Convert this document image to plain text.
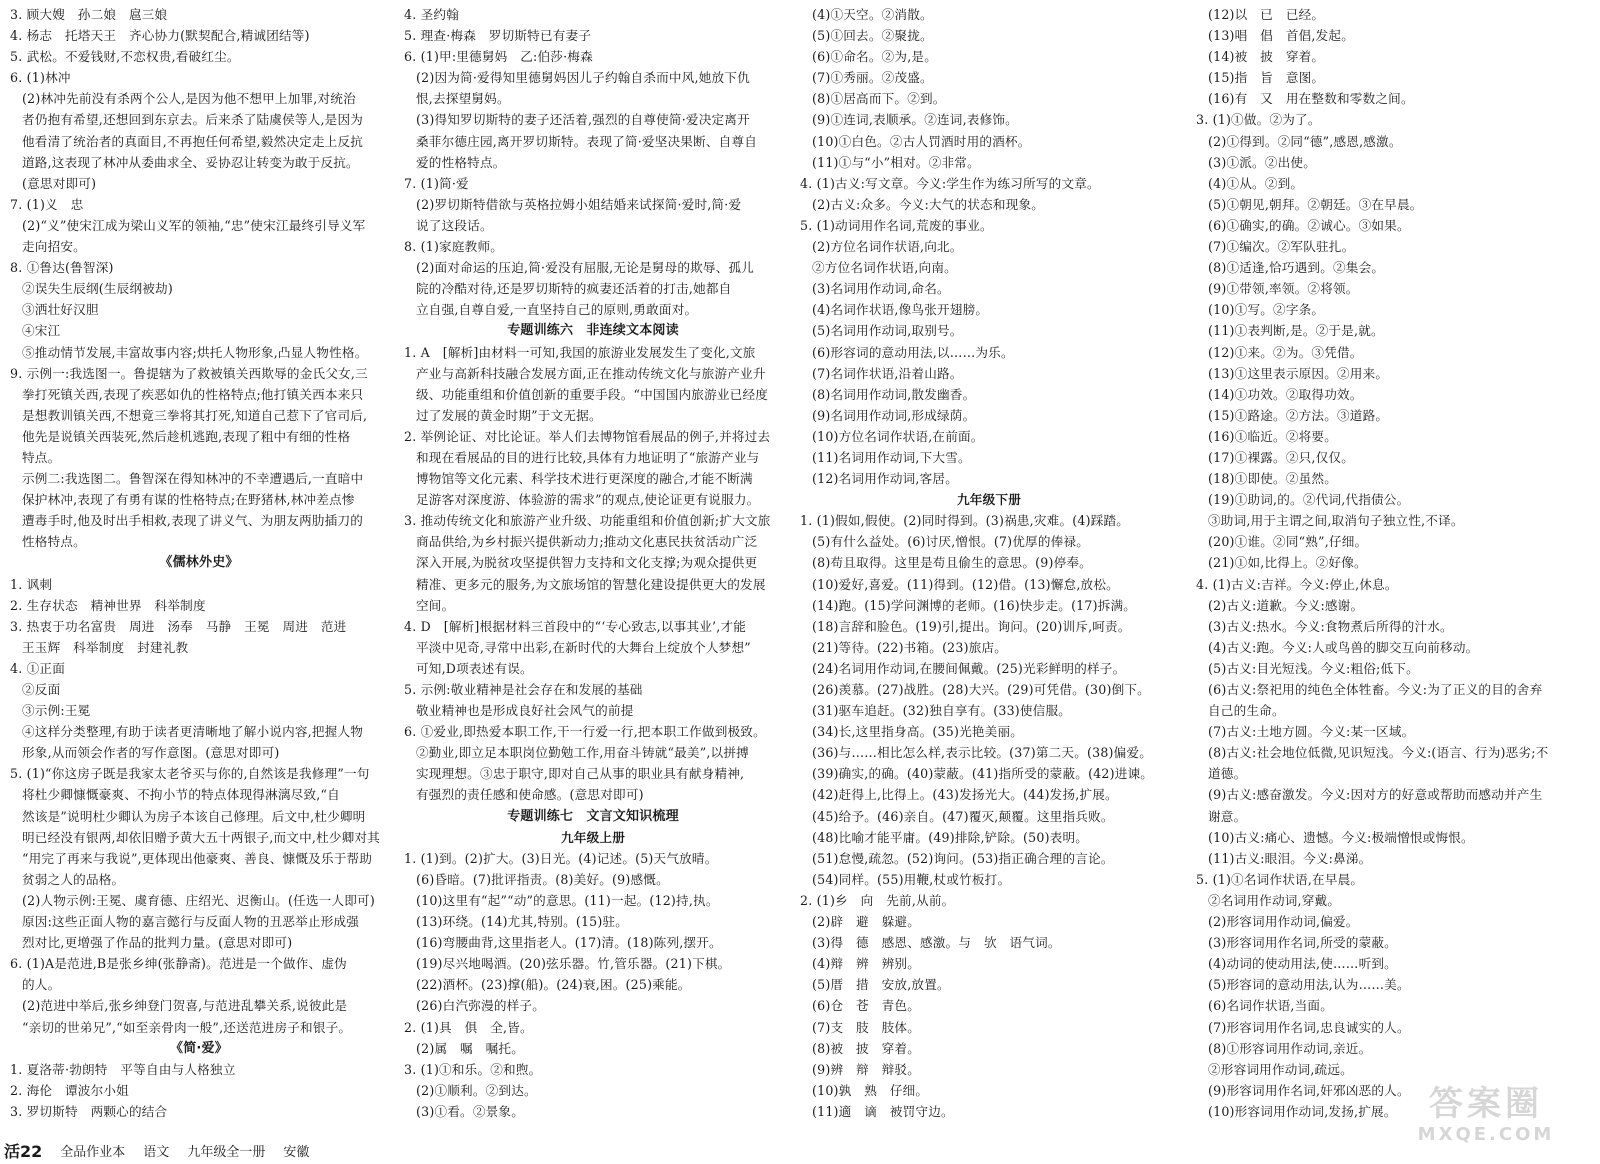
3. 顾大嫂　孙二娘　扈三娘
4. 杨志　托塔天王　齐心协力(默契配合,精诚团结等)
5. 武松。不爱钱财,不恋权贵,看破红尘。
6. (1)林冲
(2)林冲先前没有杀两个公人,是因为他不想甲上加罪,对统治
者仍抱有希望,还想回到东京去。后来杀了陆虞侯等人,是因为
他看清了统治者的真面目,不再抱任何希望,毅然决定走上反抗
道路,这表现了林冲从委曲求全、妥协忍让转变为敢于反抗。
(意思对即可)
7. (1)义　忠
(2)“义”使宋江成为梁山义军的领袖,“忠”使宋江最终引导义军
走向招安。
8. ①鲁达(鲁智深)
②误失生辰纲(生辰纲被劫)
③洒壮好汉胆
④宋江
⑤推动情节发展,丰富故事内容;烘托人物形象,凸显人物性格。
9. 示例一:我选图一。鲁提辖为了救被镇关西欺辱的金氏父女,三
拳打死镇关西,表现了疾恶如仇的性格特点;他打镇关西本来只
是想教训镇关西,不想竟三拳将其打死,知道自己惹下了官司后,
他先是说镇关西装死,然后趁机逃跑,表现了粗中有细的性格
特点。
示例二:我选图二。鲁智深在得知林冲的不幸遭遇后,一直暗中
保护林冲,表现了有勇有谋的性格特点;在野猪林,林冲差点惨
遭毒手时,他及时出手相救,表现了讲义气、为朋友两肋插刀的
性格特点。
《儒林外史》
1. 讽刺
2. 生存状态　精神世界　科举制度
3. 热衷于功名富贵　周进　汤奉　马静　王冕　周进　范进
王玉辉　科举制度　封建礼教
4. ①正面
②反面
③示例:王冕
④这样分类整理,有助于读者更清晰地了解小说内容,把握人物
形象,从而领会作者的写作意图。(意思对即可)
5. (1)“你这房子既是我家太老爷买与你的,自然该是我修理”一句
将杜少卿慷慨豪爽、不拘小节的特点体现得淋漓尽致,“自
然该是”说明杜少卿认为房子本该自己修理。后文中,杜少卿明
明已经没有银两,却依旧赠予黄大五十两银子,而文中,杜少卿对其
“用完了再来与我说”,更体现出他豪爽、善良、慷慨及乐于帮助
贫弱之人的品格。
(2)人物示例:王冕、虞育德、庄绍光、迟衡山。(任选一人即可)
原因:这些正面人物的嘉言懿行与反面人物的丑恶举止形成强
烈对比,更增强了作品的批判力量。(意思对即可)
6. (1)A是范进,B是张乡绅(张静斋)。范进是一个做作、虚伪
的人。
(2)范进中举后,张乡绅登门贺喜,与范进乱攀关系,说彼此是
“亲切的世弟兄”,“如至亲骨肉一般”,还送范进房子和银子。
《简·爱》
1. 夏洛蒂·勃朗特　平等自由与人格独立
2. 海伦　谭波尔小姐
3. 罗切斯特　两颗心的结合
4. 圣约翰
5. 理查·梅森　罗切斯特已有妻子
6. (1)甲:里德舅妈　乙:伯莎·梅森
(2)因为简·爱得知里德舅妈因儿子约翰自杀而中风,她放下仇
恨,去探望舅妈。
(3)得知罗切斯特的妻子还活着,强烈的自尊使简·爱决定离开
桑菲尔德庄园,离开罗切斯特。表现了简·爱坚决果断、自尊自
爱的性格特点。
7. (1)简·爱
(2)罗切斯特借欲与英格拉姆小姐结婚来试探简·爱时,简·爱
说了这段话。
8. (1)家庭教师。
(2)面对命运的压迫,简·爱没有屈服,无论是舅母的欺辱、孤儿
院的冷酷对待,还是罗切斯特的疯妻还活着的打击,她都自
立自强,自尊自爱,一直坚持自己的原则,勇敢面对。
专题训练六　非连续文本阅读
1. A　[解析]由材料一可知,我国的旅游业发展发生了变化,文旅
产业与高新科技融合发展方面,正在推动传统文化与旅游产业升
级、功能重组和价值创新的重要手段。“中国国内旅游业已经度
过了发展的黄金时期”于文无据。
2. 举例论证、对比论证。举人们去博物馆看展品的例子,并将过去
和现在看展品的目的进行比较,具体有力地证明了“旅游产业与
博物馆等文化元素、科学技术进行更深度的融合,才能不断满
足游客对深度游、体验游的需求”的观点,使论证更有说服力。
3. 推动传统文化和旅游产业升级、功能重组和价值创新;扩大文旅
商品供给,为乡村振兴提供新动力;推动文化惠民扶贫活动广泛
深入开展,为脱贫攻坚提供智力支持和文化支撑;为观众提供更
精准、更多元的服务,为文旅场馆的智慧化建设提供更大的发展
空间。
4. D　[解析]根据材料三首段中的“‘专心致志,以事其业’,才能
平淡中见奇,寻常中出彩,在新时代的大舞台上绽放个人梦想”
可知,D项表述有误。
5. 示例:敬业精神是社会存在和发展的基础
敬业精神也是形成良好社会风气的前提
6. ①爱业,即热爱本职工作,干一行爱一行,把本职工作做到极致。
②勤业,即立足本职岗位勤勉工作,用奋斗铸就“最美”,以拼搏
实现理想。③忠于职守,即对自己从事的职业具有献身精神,
有强烈的责任感和使命感。(意思对即可)
专题训练七　文言文知识梳理
九年级上册
1. (1)到。(2)扩大。(3)日光。(4)记述。(5)天气放晴。
(6)昏暗。(7)批评指责。(8)美好。(9)感慨。
(10)这里有“起”“动”的意思。(11)一起。(12)持,执。
(13)环绕。(14)尤其,特别。(15)驻。
(16)弯腰曲背,这里指老人。(17)清。(18)陈列,摆开。
(19)尽兴地喝酒。(20)弦乐器。竹,管乐器。(21)下棋。
(22)酒杯。(23)撑(船)。(24)衰,困。(25)乘能。
(26)白汽弥漫的样子。
2. (1)具　俱　全,皆。
(2)属　嘱　嘱托。
3. (1)①和乐。②和煦。
(2)①顺利。②到达。
(3)①看。②景象。
(4)①天空。②消散。
(5)①回去。②聚拢。
(6)①命名。②为,是。
(7)①秀丽。②茂盛。
(8)①居高而下。②到。
(9)①连词,表顺承。②连词,表修饰。
(10)①白色。②古人罚酒时用的酒杯。
(11)①与“小”相对。②非常。
4. (1)古义:写文章。今义:学生作为练习所写的文章。
(2)古义:众多。今义:大气的状态和现象。
5. (1)动词用作名词,荒废的事业。
(2)方位名词作状语,向北。
②方位名词作状语,向南。
(3)名词用作动词,命名。
(4)名词作状语,像鸟张开翅膀。
(5)名词用作动词,取别号。
(6)形容词的意动用法,以……为乐。
(7)名词作状语,沿着山路。
(8)名词用作动词,散发幽香。
(9)名词用作动词,形成绿荫。
(10)方位名词作状语,在前面。
(11)名词用作动词,下大雪。
(12)名词用作动词,客居。
九年级下册
1. (1)假如,假使。(2)同时得到。(3)祸患,灾难。(4)踩踏。
(5)有什么益处。(6)讨厌,憎恨。(7)优厚的俸禄。
(8)苟且取得。这里是苟且偷生的意思。(9)停奉。
(10)爱好,喜爱。(11)得到。(12)借。(13)懈怠,放松。
(14)跑。(15)学问渊博的老师。(16)快步走。(17)拆满。
(18)言辞和脸色。(19)引,提出。询问。(20)训斥,呵责。
(21)等待。(22)书箱。(23)旅店。
(24)名词用作动词,在腰间佩戴。(25)光彩鲜明的样子。
(26)羡慕。(27)战胜。(28)大兴。(29)可凭借。(30)倒下。
(31)驱车追赶。(32)独自享有。(33)使信服。
(34)长,这里指身高。(35)光艳美丽。
(36)与……相比怎么样,表示比较。(37)第二天。(38)偏爱。
(39)确实,的确。(40)蒙蔽。(41)指所受的蒙蔽。(42)进谏。
(42)赶得上,比得上。(43)发扬光大。(44)发扬,扩展。
(45)给予。(46)亲自。(47)覆灭,颠覆。这里指兵败。
(48)比喻才能平庸。(49)排除,铲除。(50)表明。
(51)怠慢,疏忽。(52)询问。(53)指正确合理的言论。
(54)同样。(55)用鞭,杖或竹板打。
2. (1)乡　向　先前,从前。
(2)辟　避　躲避。
(3)得　德　感恩、感激。与　欤　语气词。
(4)辩　辨　辨别。
(5)厝　措　安放,放置。
(6)仓　苍　青色。
(7)支　肢　肢体。
(8)被　披　穿着。
(9)辨　辩　辩驳。
(10)孰　熟　仔细。
(11)適　谪　被罚守边。
(12)以　已　已经。
(13)唱　倡　首倡,发起。
(14)被　披　穿着。
(15)指　旨　意图。
(16)有　又　用在整数和零数之间。
3. (1)①做。②为了。
(2)①得到。②同“德”,感恩,感激。
(3)①派。②出使。
(4)①从。②到。
(5)①朝见,朝拜。②朝廷。③在早晨。
(6)①确实,的确。②诚心。③如果。
(7)①编次。②军队驻扎。
(8)①适逢,恰巧遇到。②集会。
(9)①带领,率领。②将领。
(10)①写。②字条。
(11)①表判断,是。②于是,就。
(12)①来。②为。③凭借。
(13)①这里表示原因。②用来。
(14)①功效。②取得功效。
(15)①路途。②方法。③道路。
(16)①临近。②将要。
(17)①裸露。②只,仅仅。
(18)①即使。②虽然。
(19)①助词,的。②代词,代指债公。
③助词,用于主谓之间,取消句子独立性,不译。
(20)①谁。②同“熟”,仔细。
(21)①如,比得上。②好像。
4. (1)古义:吉祥。今义:停止,休息。
(2)古义:道歉。今义:感谢。
(3)古义:热水。今义:食物煮后所得的汁水。
(4)古义:跑。今义:人或鸟兽的脚交互向前移动。
(5)古义:目光短浅。今义:粗俗;低下。
(6)古义:祭祀用的纯色全体牲畜。今义:为了正义的目的舍弃
自己的生命。
(7)古义:土地方圆。今义:某一区域。
(8)古义:社会地位低微,见识短浅。今义:(语言、行为)恶劣;不
道德。
(9)古义:感奋激发。今义:因对方的好意或帮助而感动并产生
谢意。
(10)古义:痛心、遗憾。今义:极端憎恨或悔恨。
(11)古义:眼泪。今义:鼻涕。
5. (1)①名词作状语,在早晨。
②名词用作动词,穿戴。
(2)形容词用作动词,偏爱。
(3)形容词用作名词,所受的蒙蔽。
(4)动词的使动用法,使……听到。
(5)形容词的意动用法,认为……美。
(6)名词作状语,当面。
(7)形容词用作名词,忠良诚实的人。
(8)①形容词用作动词,亲近。
②形容词用作动词,疏远。
(9)形容词用作名词,奸邪凶恶的人。
(10)形容词用作动词,发扬,扩展。
活22 全品作业本 语文 九年级全一册 安徽
答案圈
MXQE.COM
